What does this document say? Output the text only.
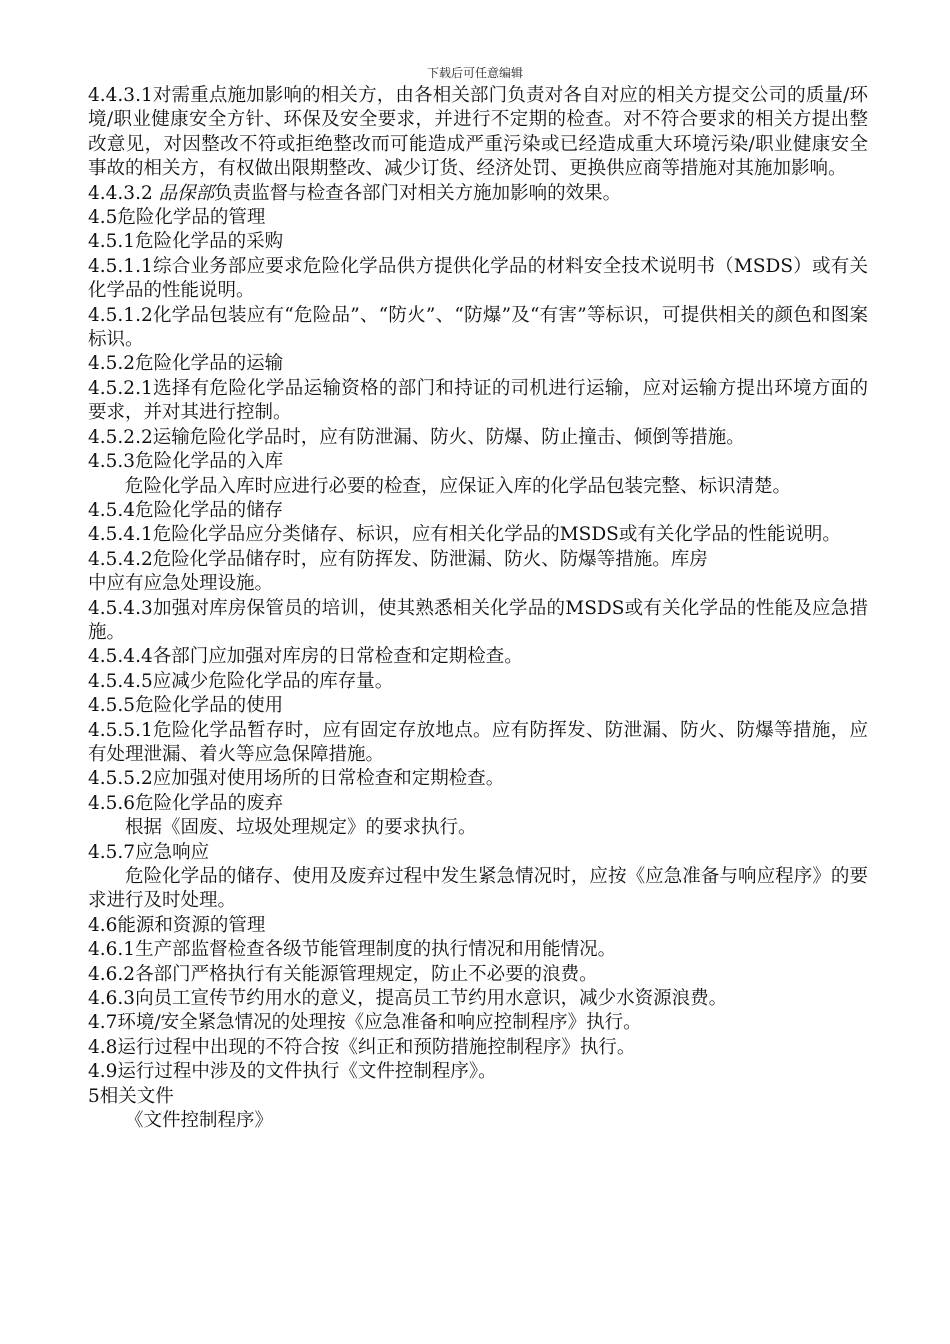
下载后可任意编辑

4.4.3.1对需重点施加影响的相关方，由各相关部门负责对各自对应的相关方提交公司的质量/环境/职业健康安全方针、环保及安全要求，并进行不定期的检查。对不符合要求的相关方提出整改意见，对因整改不符或拒绝整改而可能造成严重污染或已经造成重大环境污染/职业健康安全事故的相关方，有权做出限期整改、减少订货、经济处罚、更换供应商等措施对其施加影响。

4.4.3.2 品保部负责监督与检查各部门对相关方施加影响的效果。

4.5危险化学品的管理

4.5.1危险化学品的采购

4.5.1.1综合业务部应要求危险化学品供方提供化学品的材料安全技术说明书（MSDS）或有关化学品的性能说明。

4.5.1.2化学品包装应有“危险品”、“防火”、“防爆”及“有害”等标识，可提供相关的颜色和图案标识。

4.5.2危险化学品的运输

4.5.2.1选择有危险化学品运输资格的部门和持证的司机进行运输，应对运输方提出环境方面的要求，并对其进行控制。

4.5.2.2运输危险化学品时，应有防泄漏、防火、防爆、防止撞击、倾倒等措施。

4.5.3危险化学品的入库

危险化学品入库时应进行必要的检查，应保证入库的化学品包装完整、标识清楚。

4.5.4危险化学品的储存

4.5.4.1危险化学品应分类储存、标识，应有相关化学品的MSDS或有关化学品的性能说明。

4.5.4.2危险化学品储存时，应有防挥发、防泄漏、防火、防爆等措施。库房
中应有应急处理设施。

4.5.4.3加强对库房保管员的培训，使其熟悉相关化学品的MSDS或有关化学品的性能及应急措施。

4.5.4.4各部门应加强对库房的日常检查和定期检查。

4.5.4.5应减少危险化学品的库存量。

4.5.5危险化学品的使用

4.5.5.1危险化学品暂存时，应有固定存放地点。应有防挥发、防泄漏、防火、防爆等措施，应有处理泄漏、着火等应急保障措施。

4.5.5.2应加强对使用场所的日常检查和定期检查。

4.5.6危险化学品的废弃

根据《固废、垃圾处理规定》的要求执行。

4.5.7应急响应

危险化学品的储存、使用及废弃过程中发生紧急情况时，应按《应急准备与响应程序》的要求进行及时处理。

4.6能源和资源的管理

4.6.1生产部监督检查各级节能管理制度的执行情况和用能情况。

4.6.2各部门严格执行有关能源管理规定，防止不必要的浪费。

4.6.3向员工宣传节约用水的意义，提高员工节约用水意识，减少水资源浪费。

4.7环境/安全紧急情况的处理按《应急准备和响应控制程序》执行。

4.8运行过程中出现的不符合按《纠正和预防措施控制程序》执行。

4.9运行过程中涉及的文件执行《文件控制程序》。

5相关文件

《文件控制程序》
